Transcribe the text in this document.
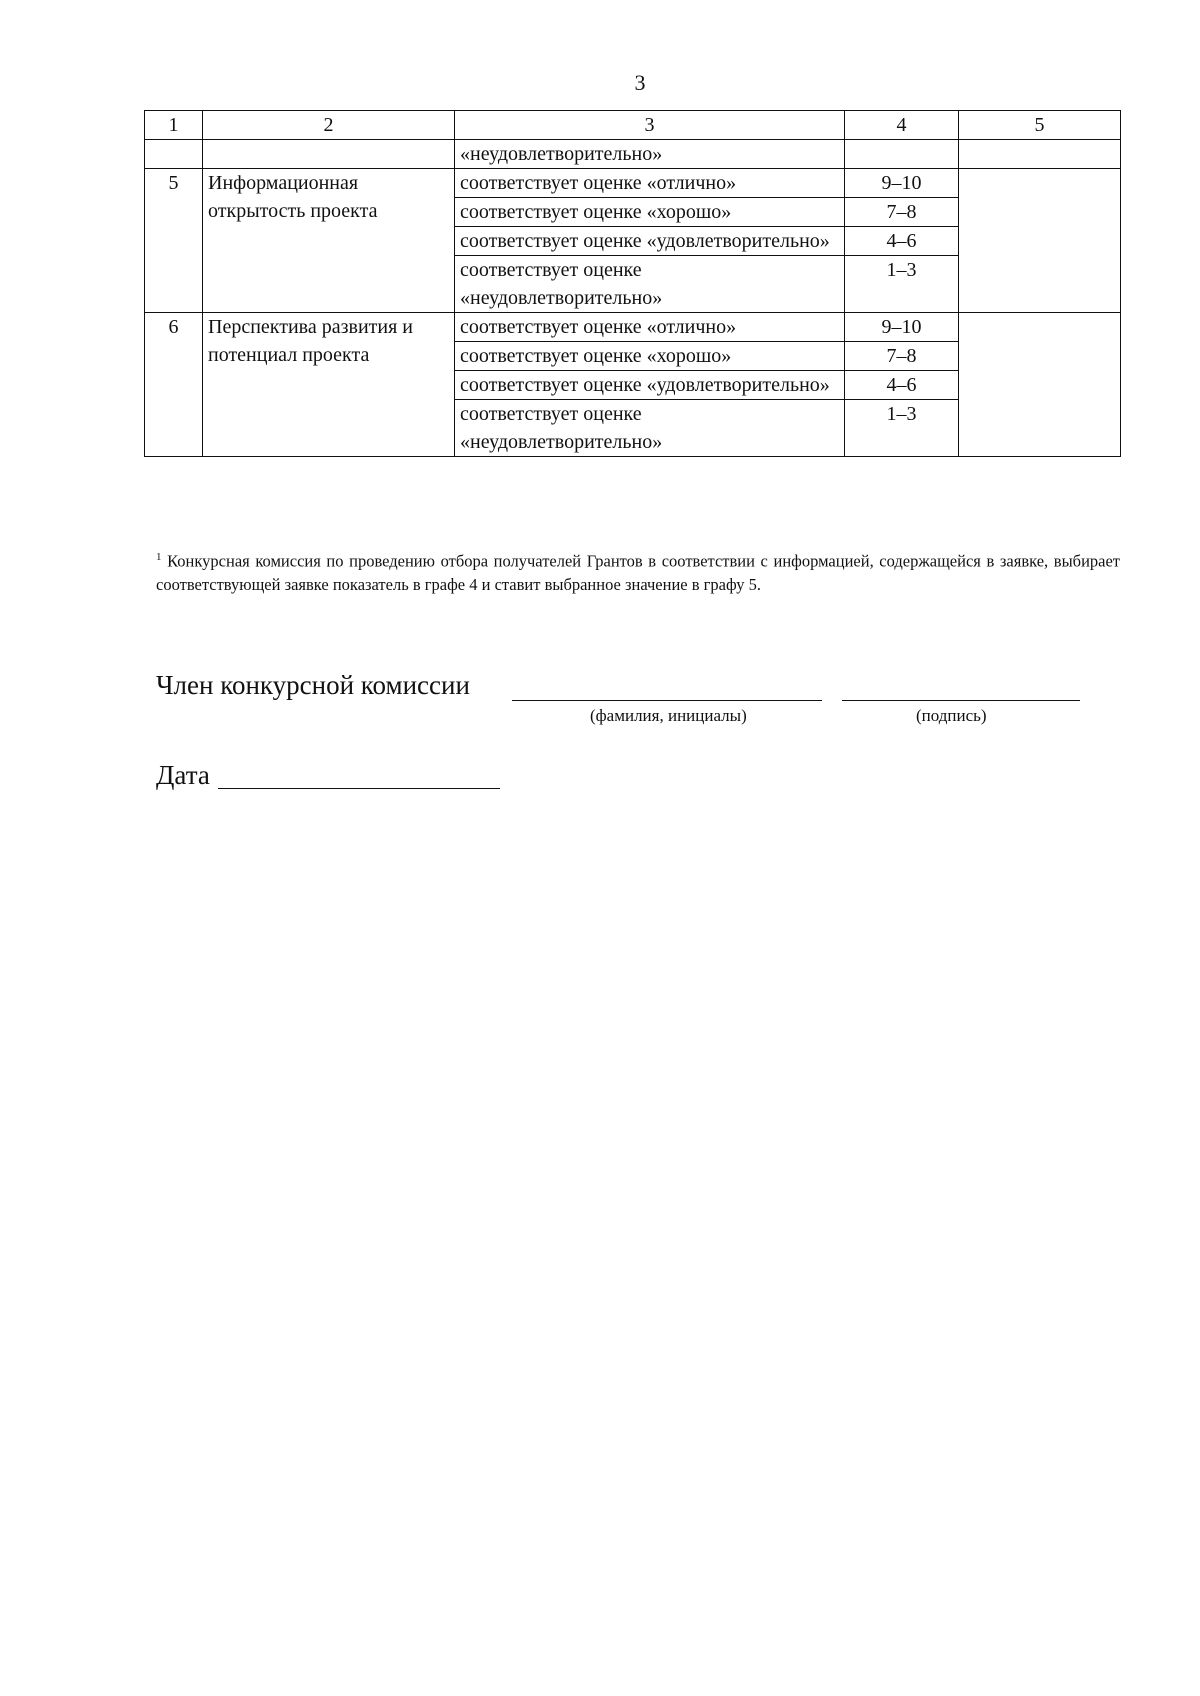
3
1	2	3	4	5
		«неудовлетворительно»		
5	Информационная открытость проекта	соответствует оценке «отлично»	9–10	
		соответствует оценке «хорошо»	7–8	
		соответствует оценке «удовлетворительно»	4–6	
		соответствует оценке «неудовлетворительно»	1–3	
6	Перспектива развития и потенциал проекта	соответствует оценке «отлично»	9–10	
		соответствует оценке «хорошо»	7–8	
		соответствует оценке «удовлетворительно»	4–6	
		соответствует оценке «неудовлетворительно»	1–3	
$^1$ Конкурсная комиссия по проведению отбора получателей Грантов в соответствии с информацией, содержащейся в заявке, выбирает соответствующей заявке показатель в графе 4 и ставит выбранное значение в графу 5.
Член конкурсной комиссии
(фамилия, инициалы)	(подпись)
Дата
